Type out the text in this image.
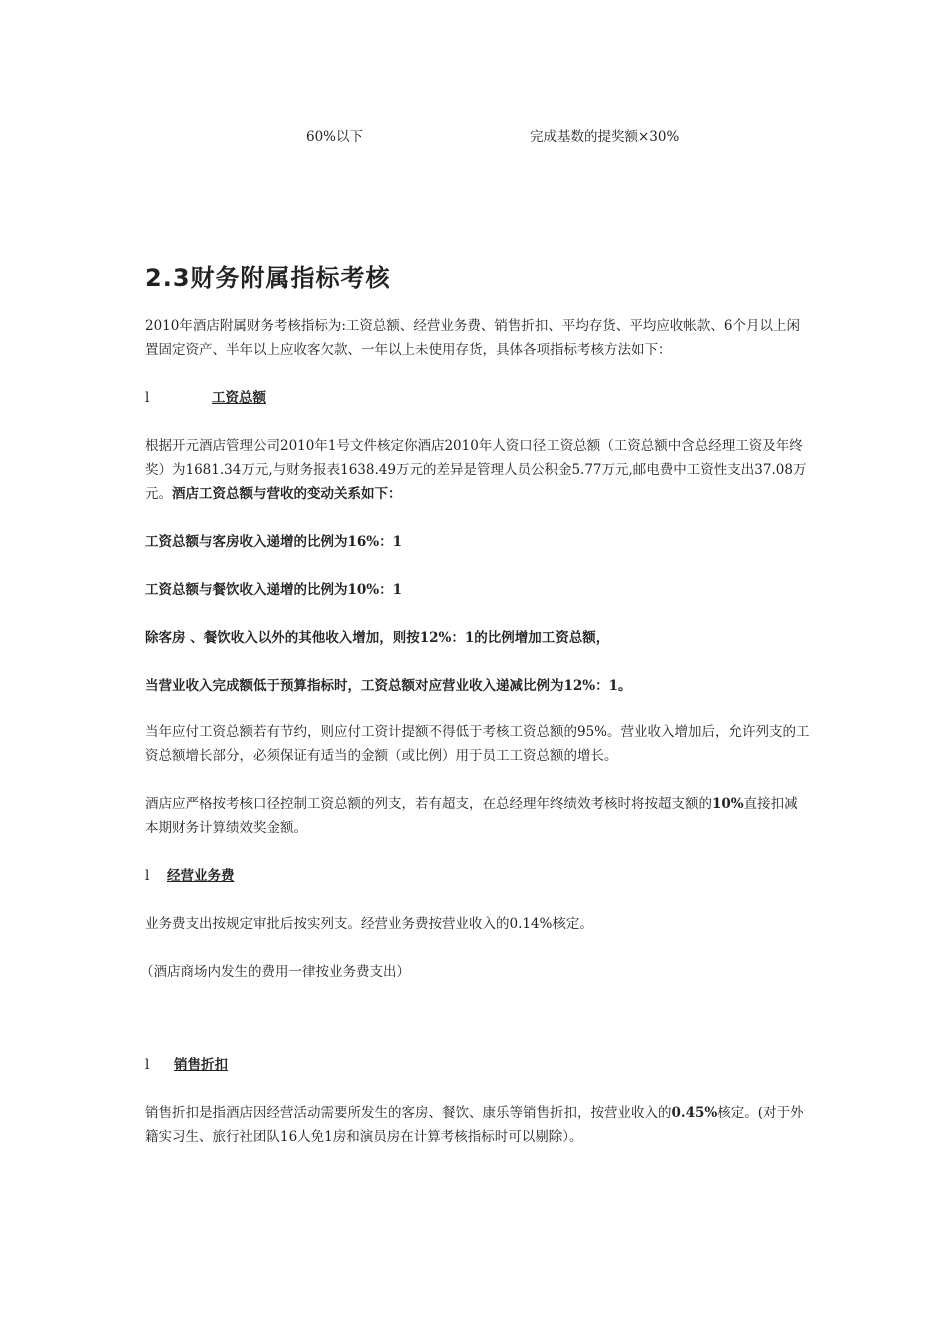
60%以下	完成基数的提奖额×30%
2.3财务附属指标考核

2010年酒店附属财务考核指标为:工资总额、经营业务费、销售折扣、平均存货、平均应收帐款、6个月以上闲置固定资产、半年以上应收客欠款、一年以上未使用存货，具体各项指标考核方法如下：

l	工资总额

根据开元酒店管理公司2010年1号文件核定你酒店2010年人资口径工资总额（工资总额中含总经理工资及年终奖）为1681.34万元,与财务报表1638.49万元的差异是管理人员公积金5.77万元,邮电费中工资性支出37.08万元。酒店工资总额与营收的变动关系如下：

工资总额与客房收入递增的比例为16%：1
工资总额与餐饮收入递增的比例为10%：1
除客房 、餐饮收入以外的其他收入增加，则按12%：1的比例增加工资总额，
当营业收入完成额低于预算指标时，工资总额对应营业收入递减比例为12%：1。

当年应付工资总额若有节约，则应付工资计提额不得低于考核工资总额的95%。营业收入增加后，允许列支的工资总额增长部分，必须保证有适当的金额（或比例）用于员工工资总额的增长。

酒店应严格按考核口径控制工资总额的列支，若有超支，在总经理年终绩效考核时将按超支额的10%直接扣减本期财务计算绩效奖金额。

l 经营业务费
业务费支出按规定审批后按实列支。经营业务费按营业收入的0.14%核定。
（酒店商场内发生的费用一律按业务费支出）
l	销售折扣

销售折扣是指酒店因经营活动需要所发生的客房、餐饮、康乐等销售折扣，按营业收入的0.45%核定。(对于外籍实习生、旅行社团队16人免1房和演员房在计算考核指标时可以剔除）。
